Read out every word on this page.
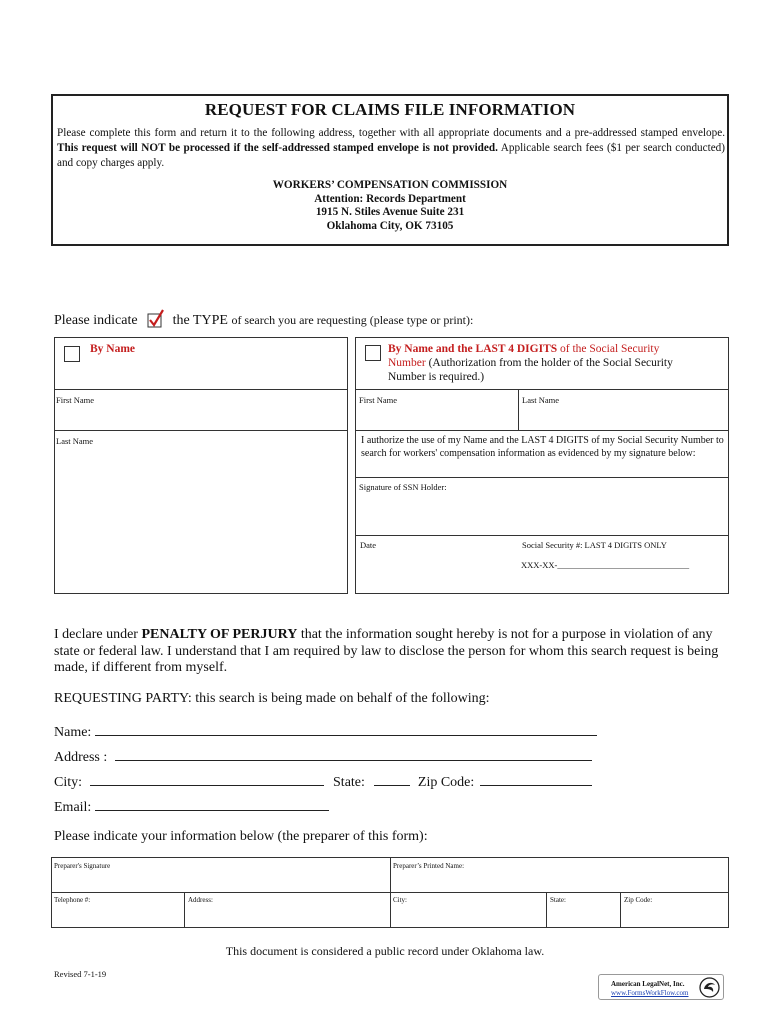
REQUEST FOR CLAIMS FILE INFORMATION
Please complete this form and return it to the following address, together with all appropriate documents and a pre-addressed stamped envelope. This request will NOT be processed if the self-addressed stamped envelope is not provided. Applicable search fees ($1 per search conducted) and copy charges apply.
WORKERS’ COMPENSATION COMMISSION
Attention: Records Department
1915 N. Stiles Avenue Suite 231
Oklahoma City, OK 73105
Please indicate	the TYPE of search you are requesting (please type or print):
By Name
First Name
Last Name
By Name and the LAST 4 DIGITS of the Social Security
Number (Authorization from the holder of the Social Security
Number is required.)
First Name	Last Name
I authorize the use of my Name and the LAST 4 DIGITS of my Social Security Number to search for workers' compensation information as evidenced by my signature below:
Signature of SSN Holder:
Date	Social Security #: LAST 4 DIGITS ONLY
XXX-XX-_______________________________
I declare under PENALTY OF PERJURY that the information sought hereby is not for a purpose in violation of any state or federal law. I understand that I am required by law to disclose the person for whom this search request is being made, if different from myself.
REQUESTING PARTY: this search is being made on behalf of the following:
Name:
Address :
City:	State:	Zip Code:
Email:
Please indicate your information below (the preparer of this form):
Preparer's Signature	Preparer’s Printed Name:
Telephone #:	Address:	City:	State:	Zip Code:
This document is considered a public record under Oklahoma law.
Revised 7-1-19
American LegalNet, Inc.
www.FormsWorkFlow.com
